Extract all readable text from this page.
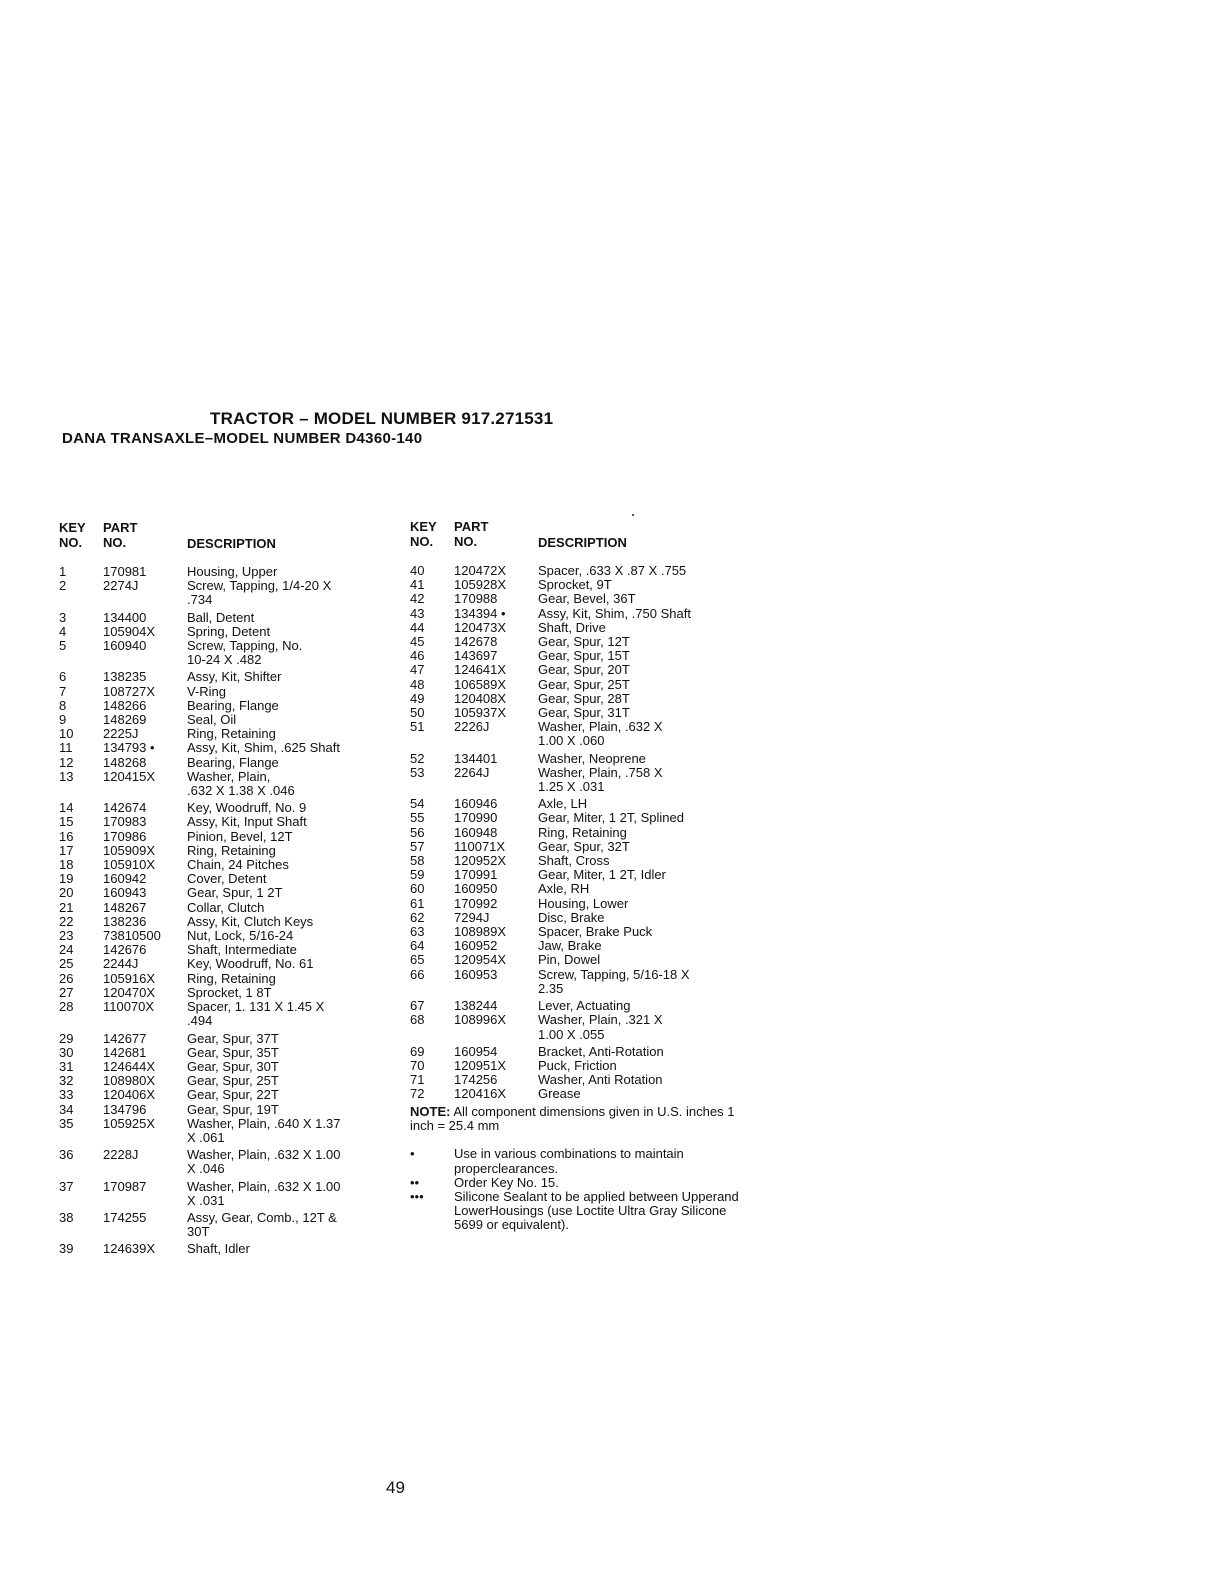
TRACTOR – MODEL NUMBER 917.271531
DANA TRANSAXLE–MODEL NUMBER D4360-140
KEY
NO.
PART
NO.	DESCRIPTION
1	170981	Housing, Upper
2	2274J	Screw, Tapping, 1/4-20 X
.734
3	134400	Ball, Detent
4	105904X	Spring, Detent
5	160940	Screw, Tapping, No.
10-24 X .482
6	138235	Assy, Kit, Shifter
7	108727X	V-Ring
8	148266	Bearing, Flange
9	148269	Seal, Oil
10	2225J	Ring, Retaining
11	134793 •	Assy, Kit, Shim, .625 Shaft
12	148268	Bearing, Flange
13	120415X	Washer, Plain,
.632 X 1.38 X .046
14	142674	Key, Woodruff, No. 9
15	170983	Assy, Kit, Input Shaft
16	170986	Pinion, Bevel, 12T
17	105909X	Ring, Retaining
18	105910X	Chain, 24 Pitches
19	160942	Cover, Detent
20	160943	Gear, Spur, 1 2T
21	148267	Collar, Clutch
22	138236	Assy, Kit, Clutch Keys
23	73810500	Nut, Lock, 5/16-24
24	142676	Shaft, Intermediate
25	2244J	Key, Woodruff, No. 61
26	105916X	Ring, Retaining
27	120470X	Sprocket, 1 8T
28	110070X	Spacer, 1. 131 X 1.45 X
.494
29	142677	Gear, Spur, 37T
30	142681	Gear, Spur, 35T
31	124644X	Gear, Spur, 30T
32	108980X	Gear, Spur, 25T
33	120406X	Gear, Spur, 22T
34	134796	Gear, Spur, 19T
35	105925X	Washer, Plain, .640 X 1.37
X .061
36	2228J	Washer, Plain, .632 X 1.00
X .046
37	170987	Washer, Plain, .632 X 1.00
X .031
38	174255	Assy, Gear, Comb., 12T &
30T
39	124639X	Shaft, Idler
KEY
NO.
PART
NO.	DESCRIPTION
40	120472X	Spacer, .633 X .87 X .755
41	105928X	Sprocket, 9T
42	170988	Gear, Bevel, 36T
43	134394 •	Assy, Kit, Shim, .750 Shaft
44	120473X	Shaft, Drive
45	142678	Gear, Spur, 12T
46	143697	Gear, Spur, 15T
47	124641X	Gear, Spur, 20T
48	106589X	Gear, Spur, 25T
49	120408X	Gear, Spur, 28T
50	105937X	Gear, Spur, 31T
51	2226J	Washer, Plain, .632 X
1.00 X .060
52	134401	Washer, Neoprene
53	2264J	Washer, Plain, .758 X
1.25 X .031
54	160946	Axle, LH
55	170990	Gear, Miter, 1 2T, Splined
56	160948	Ring, Retaining
57	110071X	Gear, Spur, 32T
58	120952X	Shaft, Cross
59	170991	Gear, Miter, 1 2T, Idler
60	160950	Axle, RH
61	170992	Housing, Lower
62	7294J	Disc, Brake
63	108989X	Spacer, Brake Puck
64	160952	Jaw, Brake
65	120954X	Pin, Dowel
66	160953	Screw, Tapping, 5/16-18 X
2.35
67	138244	Lever, Actuating
68	108996X	Washer, Plain, .321 X
1.00 X .055
69	160954	Bracket, Anti-Rotation
70	120951X	Puck, Friction
71	174256	Washer, Anti Rotation
72	120416X	Grease
NOTE: All component dimensions given in U.S. inches 1 inch = 25.4 mm
•	Use in various combinations to maintain properclearances.
••	Order Key No. 15.
•••	Silicone Sealant to be applied between Upperand LowerHousings (use Loctite Ultra Gray Silicone 5699 or equivalent).
49
